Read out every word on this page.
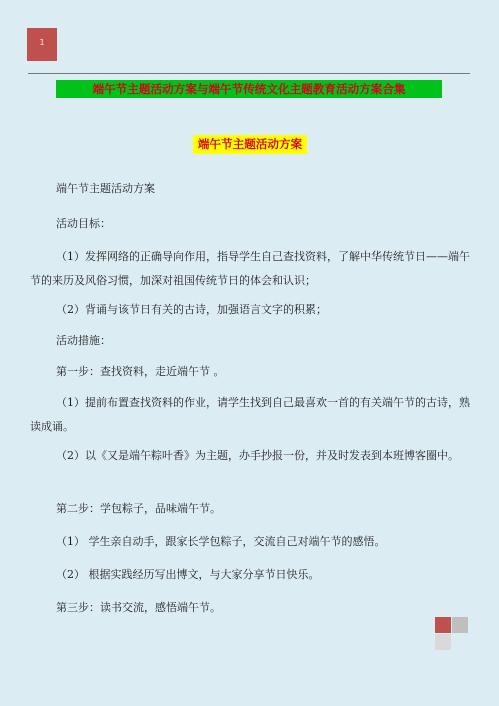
1
端午节主题活动方案与端午节传统文化主题教育活动方案合集
端午节主题活动方案

端午节主题活动方案

活动目标：

（1）发挥网络的正确导向作用，指导学生自己查找资料，了解中华传统节日——端午节的来历及风俗习惯，加深对祖国传统节日的体会和认识；

（2）背诵与该节日有关的古诗，加强语言文字的积累；

活动措施：

第一步：查找资料，走近端午节 。

（1）提前布置查找资料的作业，请学生找到自己最喜欢一首的有关端午节的古诗，熟读成诵。

（2）以《又是端午粽叶香》为主题，办手抄报一份，并及时发表到本班博客圈中。

第二步：学包粽子，品味端午节。

（1） 学生亲自动手，跟家长学包粽子，交流自己对端午节的感悟。

（2） 根据实践经历写出博文，与大家分享节日快乐。

第三步：读书交流，感悟端午节。
